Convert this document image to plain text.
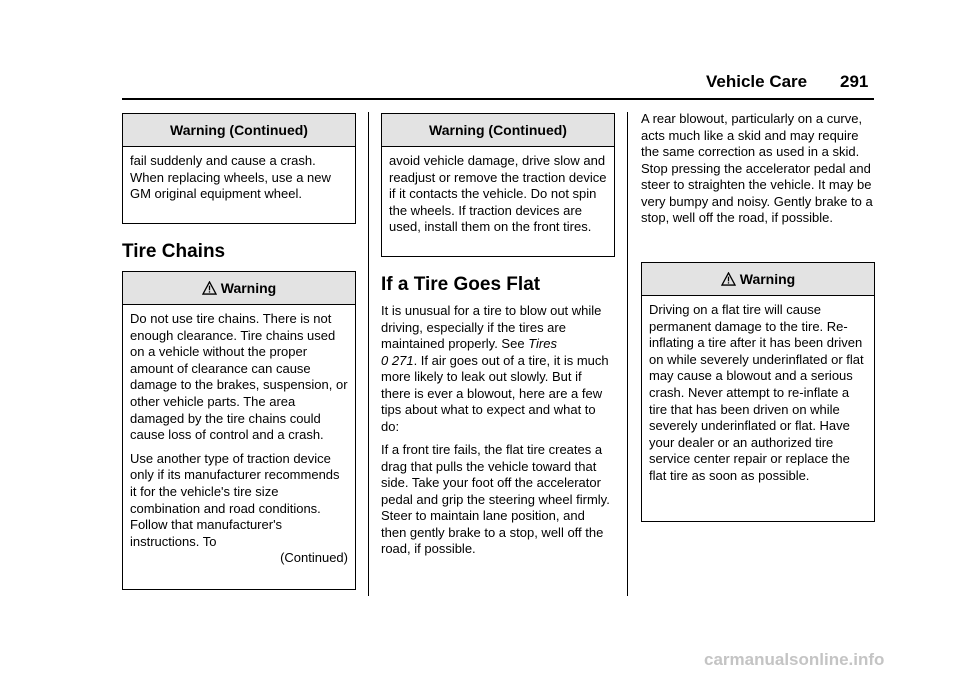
Vehicle Care 291
Warning (Continued)

fail suddenly and cause a crash. When replacing wheels, use a new GM original equipment wheel.

Tire Chains
Warning

Do not use tire chains. There is not enough clearance. Tire chains used on a vehicle without the proper amount of clearance can cause damage to the brakes, suspension, or other vehicle parts. The area damaged by the tire chains could cause loss of control and a crash.

Use another type of traction device only if its manufacturer recommends it for the vehicle's tire size combination and road conditions. Follow that manufacturer's instructions. To

(Continued)
Warning (Continued)

avoid vehicle damage, drive slow and readjust or remove the traction device if it contacts the vehicle. Do not spin the wheels. If traction devices are used, install them on the front tires.

If a Tire Goes Flat

It is unusual for a tire to blow out while driving, especially if the tires are maintained properly. See Tires
0 271. If air goes out of a tire, it is much more likely to leak out slowly. But if there is ever a blowout, here are a few tips about what to expect and what to do:

If a front tire fails, the flat tire creates a drag that pulls the vehicle toward that side. Take your foot off the accelerator pedal and grip the steering wheel firmly. Steer to maintain lane position, and then gently brake to a stop, well off the road, if possible.

A rear blowout, particularly on a curve, acts much like a skid and may require the same correction as used in a skid. Stop pressing the accelerator pedal and steer to straighten the vehicle. It may be very bumpy and noisy. Gently brake to a stop, well off the road, if possible.

Warning

Driving on a flat tire will cause permanent damage to the tire. Re-inflating a tire after it has been driven on while severely underinflated or flat may cause a blowout and a serious crash. Never attempt to re-inflate a tire that has been driven on while severely underinflated or flat. Have your dealer or an authorized tire service center repair or replace the flat tire as soon as possible.

carmanualsonline.info
